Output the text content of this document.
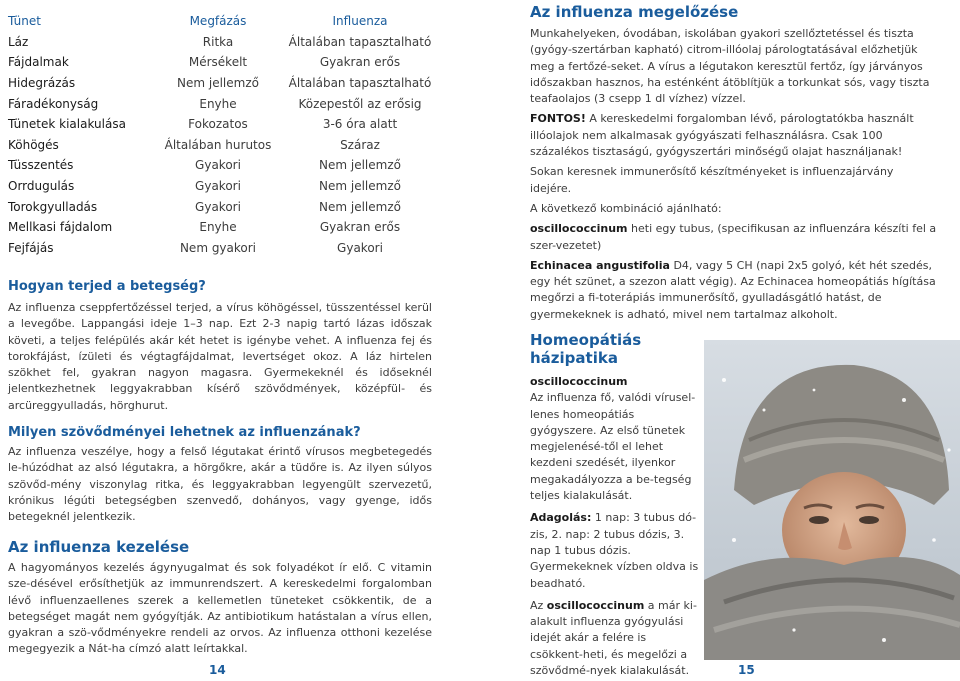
Tünet	Megfázás	Influenza
Láz	Ritka	Általában tapasztalható
Fájdalmak	Mérsékelt	Gyakran erős
Hidegrázás	Nem jellemző	Általában tapasztalható
Fáradékonyság	Enyhe	Közepestől az erősig
Tünetek kialakulása	Fokozatos	3-6 óra alatt
Köhögés	Általában hurutos	Száraz
Tüsszentés	Gyakori	Nem jellemző
Orrdugulás	Gyakori	Nem jellemző
Torokgyulladás	Gyakori	Nem jellemző
Mellkasi fájdalom	Enyhe	Gyakran erős
Fejfájás	Nem gyakori	Gyakori
Hogyan terjed a betegség?
Az influenza cseppfertőzéssel terjed, a vírus köhögéssel, tüsszentéssel kerül a levegőbe. Lappangási ideje 1–3 nap. Ezt 2-3 napig tartó lázas időszak követi, a teljes felépülés akár két hetet is igénybe vehet. A influenza fej és torokfájást, ízületi és végtagfájdalmat, levertséget okoz. A láz hirtelen szökhet fel, gyakran nagyon magasra. Gyermekeknél és időseknél jelentkezhetnek leggyakrabban kísérő szövődmények, középfül- és arcüreggyulladás, hörghurut.
Milyen szövődményei lehetnek az influenzának?
Az influenza veszélye, hogy a felső légutakat érintő vírusos megbetegedés le-húzódhat az alsó légutakra, a hörgőkre, akár a tüdőre is. Az ilyen súlyos szövőd-mény viszonylag ritka, és leggyakrabban legyengült szervezetű, krónikus légúti betegségben szenvedő, dohányos, vagy gyenge, idős betegeknél jelentkezik.
Az influenza kezelése
A hagyományos kezelés ágynyugalmat és sok folyadékot ír elő. C vitamin sze-désével erősíthetjük az immunrendszert. A kereskedelmi forgalomban lévő influenzaellenes szerek a kellemetlen tüneteket csökkentik, de a betegséget magát nem gyógyítják. Az antibiotikum hatástalan a vírus ellen, gyakran a szö-vődményekre rendeli az orvos. Az influenza otthoni kezelése megegyezik a Nát-ha címzó alatt leírtakkal.
14
Az influenza megelőzése

Munkahelyeken, óvodában, iskolában gyakori szellőztetéssel és tiszta (gyógy-szertárban kapható) citrom-illóolaj párologtatásával előzhetjük meg a fertőzé-seket. A vírus a légutakon keresztül fertőz, így járványos időszakban hasznos, ha esténként átöblítjük a torkunkat sós, vagy tiszta teafaolajos (3 csepp 1 dl vízhez) vízzel.

FONTOS! A kereskedelmi forgalomban lévő, párologtatókba használt illóolajok nem alkalmasak gyógyászati felhasználásra. Csak 100 százalékos tisztaságú, gyógyszertári minőségű olajat használjanak!

Sokan keresnek immunerősítő készítményeket is influenzajárvány idejére.

A következő kombináció ajánlható:

oscillococcinum heti egy tubus, (specifikusan az influenzára készíti fel a szer-vezetet)

Echinacea angustifolia D4, vagy 5 CH (napi 2x5 golyó, két hét szedés, egy hét szünet, a szezon alatt végig). Az Echinacea homeopátiás hígítása megőrzi a fi-toterápiás immunerősítő, gyulladásgátló hatást, de gyermekeknek is adható, mivel nem tartalmaz alkoholt.

Homeopátiás házipatika

oscillococcinum

Az influenza fő, valódi vírusel-lenes homeopátiás gyógyszere. Az első tünetek megjelenésé-től el lehet kezdeni szedését, ilyenkor megakadályozza a be-tegség teljes kialakulását.

Adagolás: 1 nap: 3 tubus dó-zis, 2. nap: 2 tubus dózis, 3. nap 1 tubus dózis. Gyermekeknek vízben oldva is beadható.

Az oscillococcinum a már ki-alakult influenza gyógyulási idejét akár a felére is csökkent-heti, és megelőzi a szövődmé-nyek kialakulását.	15
